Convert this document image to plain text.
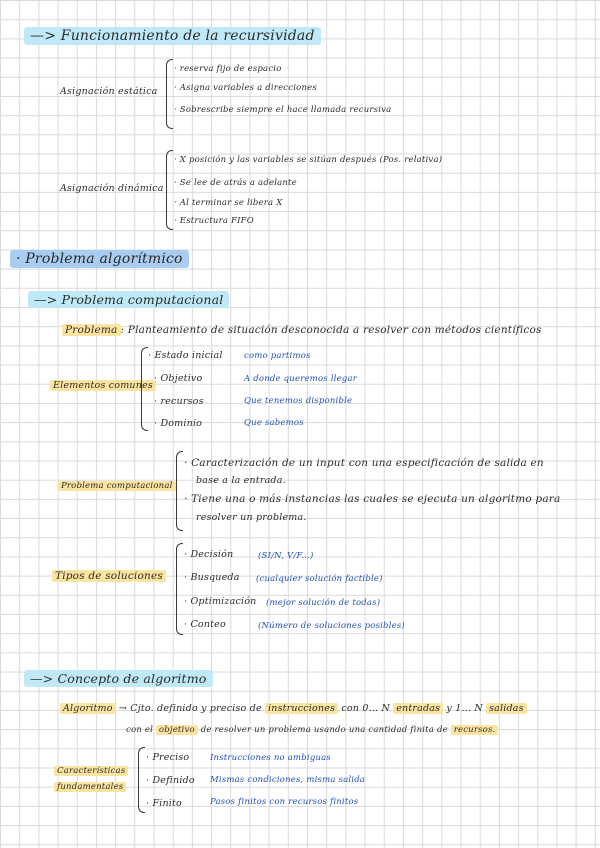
—> Funcionamiento de la recursividad
Asignación estática
· reserva fijo de espacio
· Asigna variables a direcciones
· Sobrescribe siempre el hace llamada recursiva
Asignación dinámica
· X posición y las variables se sitúan después (Pos. relativa)
· Se lee de atrás a adelante
· Al terminar se libera X
· Estructura FIFO
· Problema algorítmico
—> Problema computacional
Problema : Planteamiento de situación desconocida a resolver con métodos científicos
Elementos comunes
· Estado inicial	como partimos
· Objetivo	A donde queremos llegar
· recursos	Que tenemos disponible
· Dominio	Que sabemos
Problema computacional
· Caracterización de un input con una especificación de salida en
base a la entrada.
· Tiene una o más instancias las cuales se ejecuta un algoritmo para
resolver un problema.
Tipos de soluciones
· Decisión	(SI/N, V/F...)
· Busqueda (cualquier solución factible)
· Optimización (mejor solución de todas)
· Conteo	(Número de soluciones posibles)
—> Concepto de algoritmo
Algoritmo → Cjto. definido y preciso de instrucciones con 0... N entradas y 1... N salidas
con el objetivo de resolver un problema usando una cantidad finita de recursos.
Características
fundamentales
· Preciso Instrucciones no ambiguas
· Definido Mismas condiciones, misma salida
· Finito	Pasos finitos con recursos finitos
